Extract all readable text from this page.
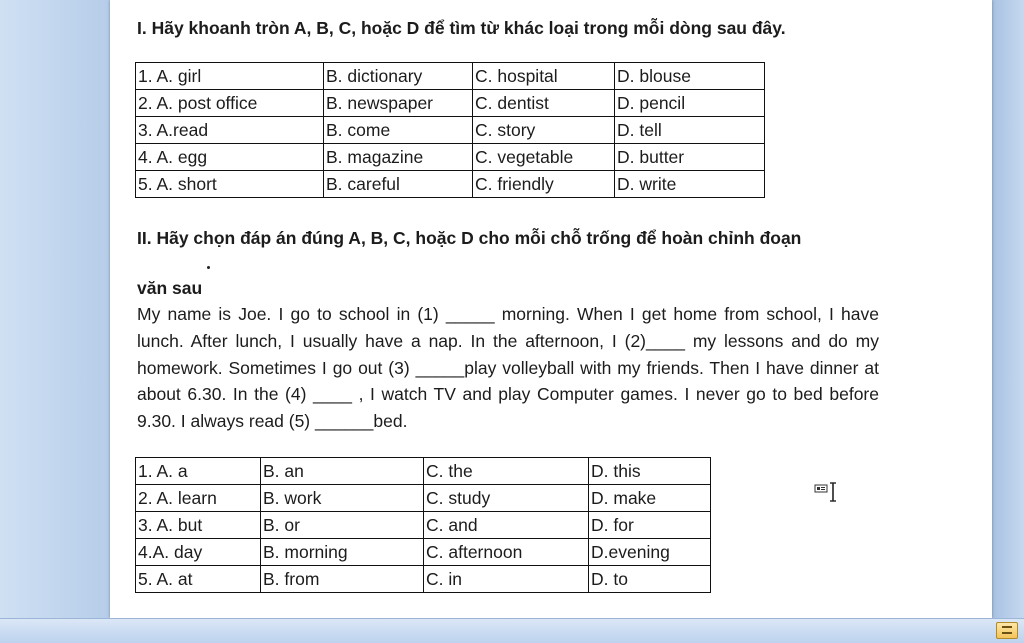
I. Hãy khoanh tròn A, B, C, hoặc D để tìm từ khác loại trong mỗi dòng sau đây.

1. A. girl	B. dictionary	C. hospital	D. blouse
2. A. post office	B. newspaper	C. dentist	D. pencil
3. A.read	B. come	C. story	D. tell
4. A. egg	B. magazine	C. vegetable	D. butter
5. A. short	B. careful	C. friendly	D. write

II. Hãy chọn đáp án đúng A, B, C, hoặc D cho mỗi chỗ trống để hoàn chỉnh đoạn

văn sau

My name is Joe. I go to school in (1) _____ morning. When I get home from school, I have lunch. After lunch, I usually have a nap. In the afternoon, I (2)____ my lessons and do my homework. Sometimes I go out (3) _____play volleyball with my friends. Then I have dinner at about 6.30. In the (4) ____ , I watch TV and play Computer games. I never go to bed before 9.30. I always read (5) ______bed.

1. A. a	B. an	C. the	D. this
2. A. learn	B. work	C. study	D. make
3. A. but	B. or	C. and	D. for
4.A. day	B. morning	C. afternoon	D.evening
5. A. at	B. from	C. in	D. to
